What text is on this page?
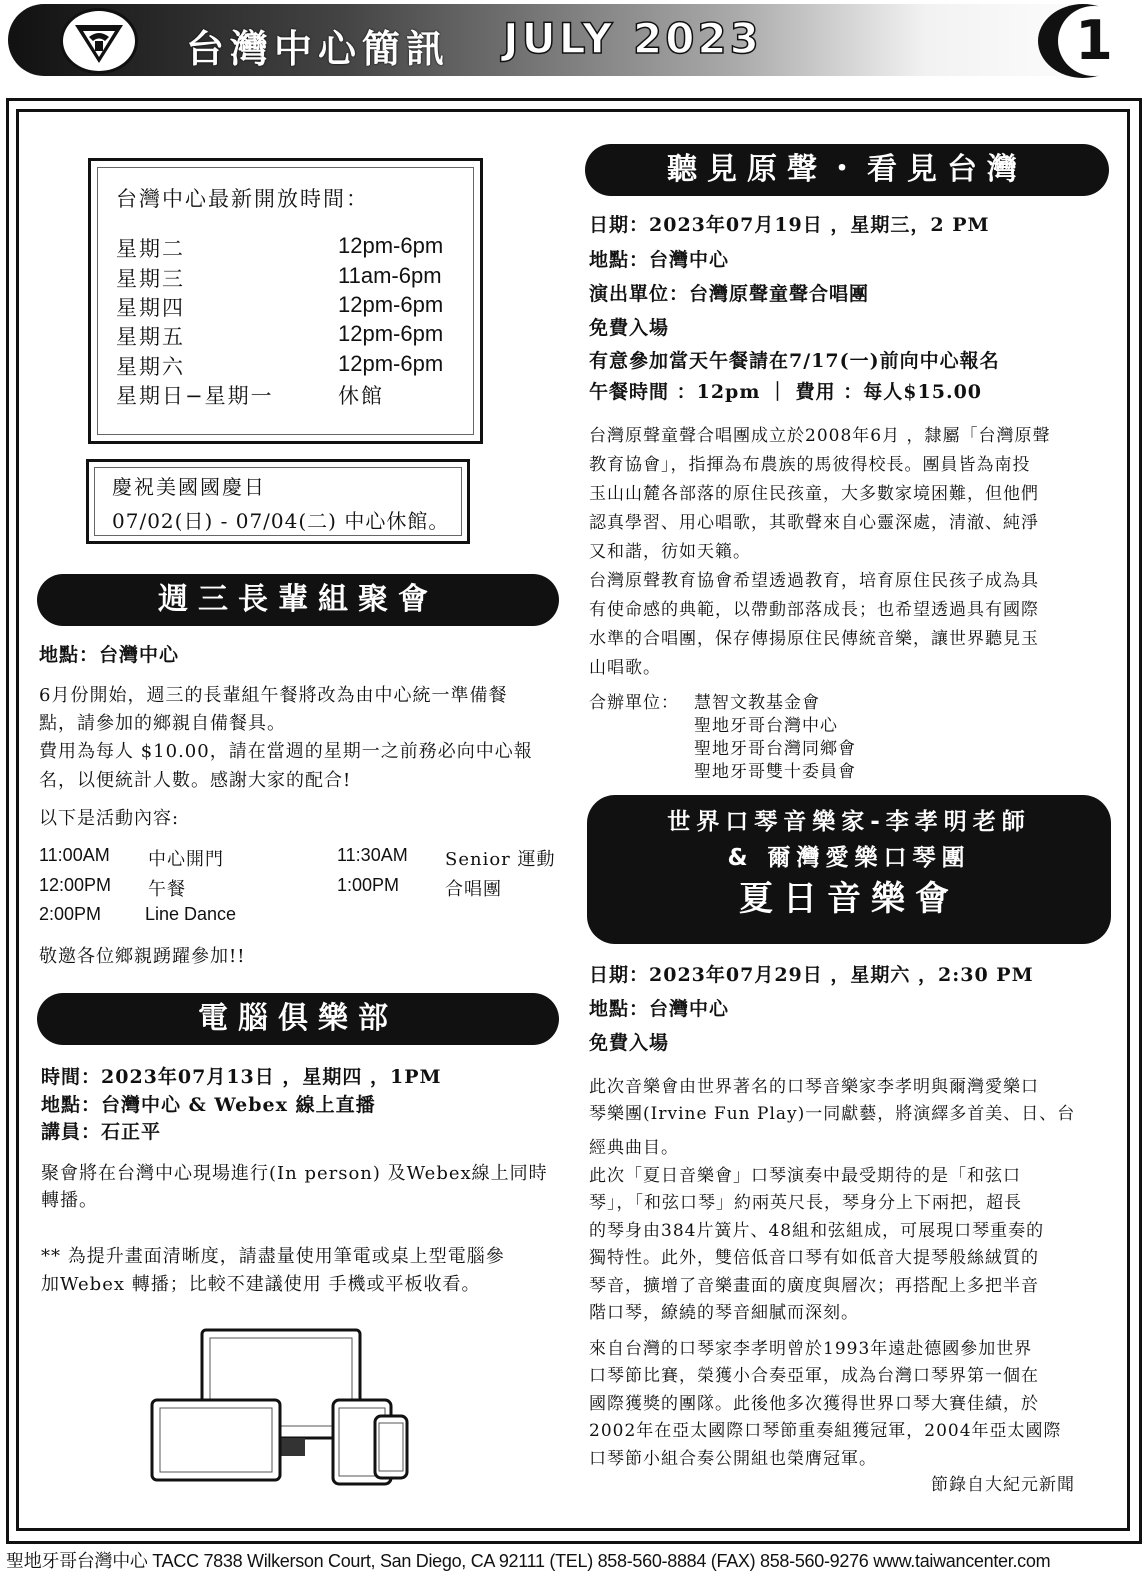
台灣中心簡訊 JULY 2023	1
台灣中心最新開放時間：
星期二	12pm-6pm
星期三	11am-6pm
星期四	12pm-6pm
星期五	12pm-6pm
星期六	12pm-6pm
星期日−星期一	休館
慶祝美國國慶日
07/02(日) - 07/04(二) 中心休館。
週三長輩組聚會
地點：台灣中心
6月份開始，週三的長輩組午餐將改為由中心統一準備餐
點，請參加的鄉親自備餐具。
費用為每人 $10.00，請在當週的星期一之前務必向中心報
名，以便統計人數。感謝大家的配合!
以下是活動內容:
11:00AM 中心開門	11:30AM Senior 運動
12:00PM 午餐	1:00PM	合唱團
2:00PM Line Dance
敬邀各位鄉親踴躍參加!!
電腦俱樂部
時間：2023年07月13日 ，星期四 ，1PM
地點：台灣中心 & Webex 線上直播
講員：石正平
聚會將在台灣中心現場進行(In person) 及Webex線上同時
轉播。
** 為提升畫面清晰度，請盡量使用筆電或桌上型電腦參
加Webex 轉播；比較不建議使用 手機或平板收看。
聽見原聲・看見台灣
日期：2023年07月19日 ，星期三，2 PM
地點：台灣中心
演出單位：台灣原聲童聲合唱團
免費入場
有意參加當天午餐請在7/17(一)前向中心報名
午餐時間 ：12pm ｜ 費用 ：每人$15.00
台灣原聲童聲合唱團成立於2008年6月 ，隸屬「台灣原聲
教育協會」，指揮為布農族的馬彼得校長。團員皆為南投
玉山山麓各部落的原住民孩童，大多數家境困難，但他們
認真學習、用心唱歌，其歌聲來自心靈深處，清澈、純淨
又和諧，彷如天籟。
台灣原聲教育協會希望透過教育，培育原住民孩子成為具
有使命感的典範，以帶動部落成長；也希望透過具有國際
水準的合唱團，保存傳揚原住民傳統音樂，讓世界聽見玉
山唱歌。
合辦單位： 慧智文教基金會
聖地牙哥台灣中心
聖地牙哥台灣同鄉會
聖地牙哥雙十委員會
世界口琴音樂家-李孝明老師
& 爾灣愛樂口琴團
夏日音樂會
日期：2023年07月29日 ，星期六 ，2:30 PM
地點：台灣中心
免費入場
此次音樂會由世界著名的口琴音樂家李孝明與爾灣愛樂口
琴樂團(Irvine Fun Play)一同獻藝，將演繹多首美、日、台
經典曲目。
此次「夏日音樂會」口琴演奏中最受期待的是「和弦口
琴」，「和弦口琴」約兩英尺長，琴身分上下兩把，超長
的琴身由384片簧片、48組和弦組成，可展現口琴重奏的
獨特性。此外，雙倍低音口琴有如低音大提琴般絲絨質的
琴音，擴增了音樂畫面的廣度與層次；再搭配上多把半音
階口琴，繚繞的琴音細膩而深刻。
來自台灣的口琴家李孝明曾於1993年遠赴德國參加世界
口琴節比賽，榮獲小合奏亞軍，成為台灣口琴界第一個在
國際獲獎的團隊。此後他多次獲得世界口琴大賽佳績，於
2002年在亞太國際口琴節重奏組獲冠軍，2004年亞太國際
口琴節小組合奏公開組也榮膺冠軍。
節錄自大紀元新聞
聖地牙哥台灣中心 TACC 7838 Wilkerson Court, San Diego, CA 92111 (TEL) 858-560-8884 (FAX) 858-560-9276 www.taiwancenter.com
